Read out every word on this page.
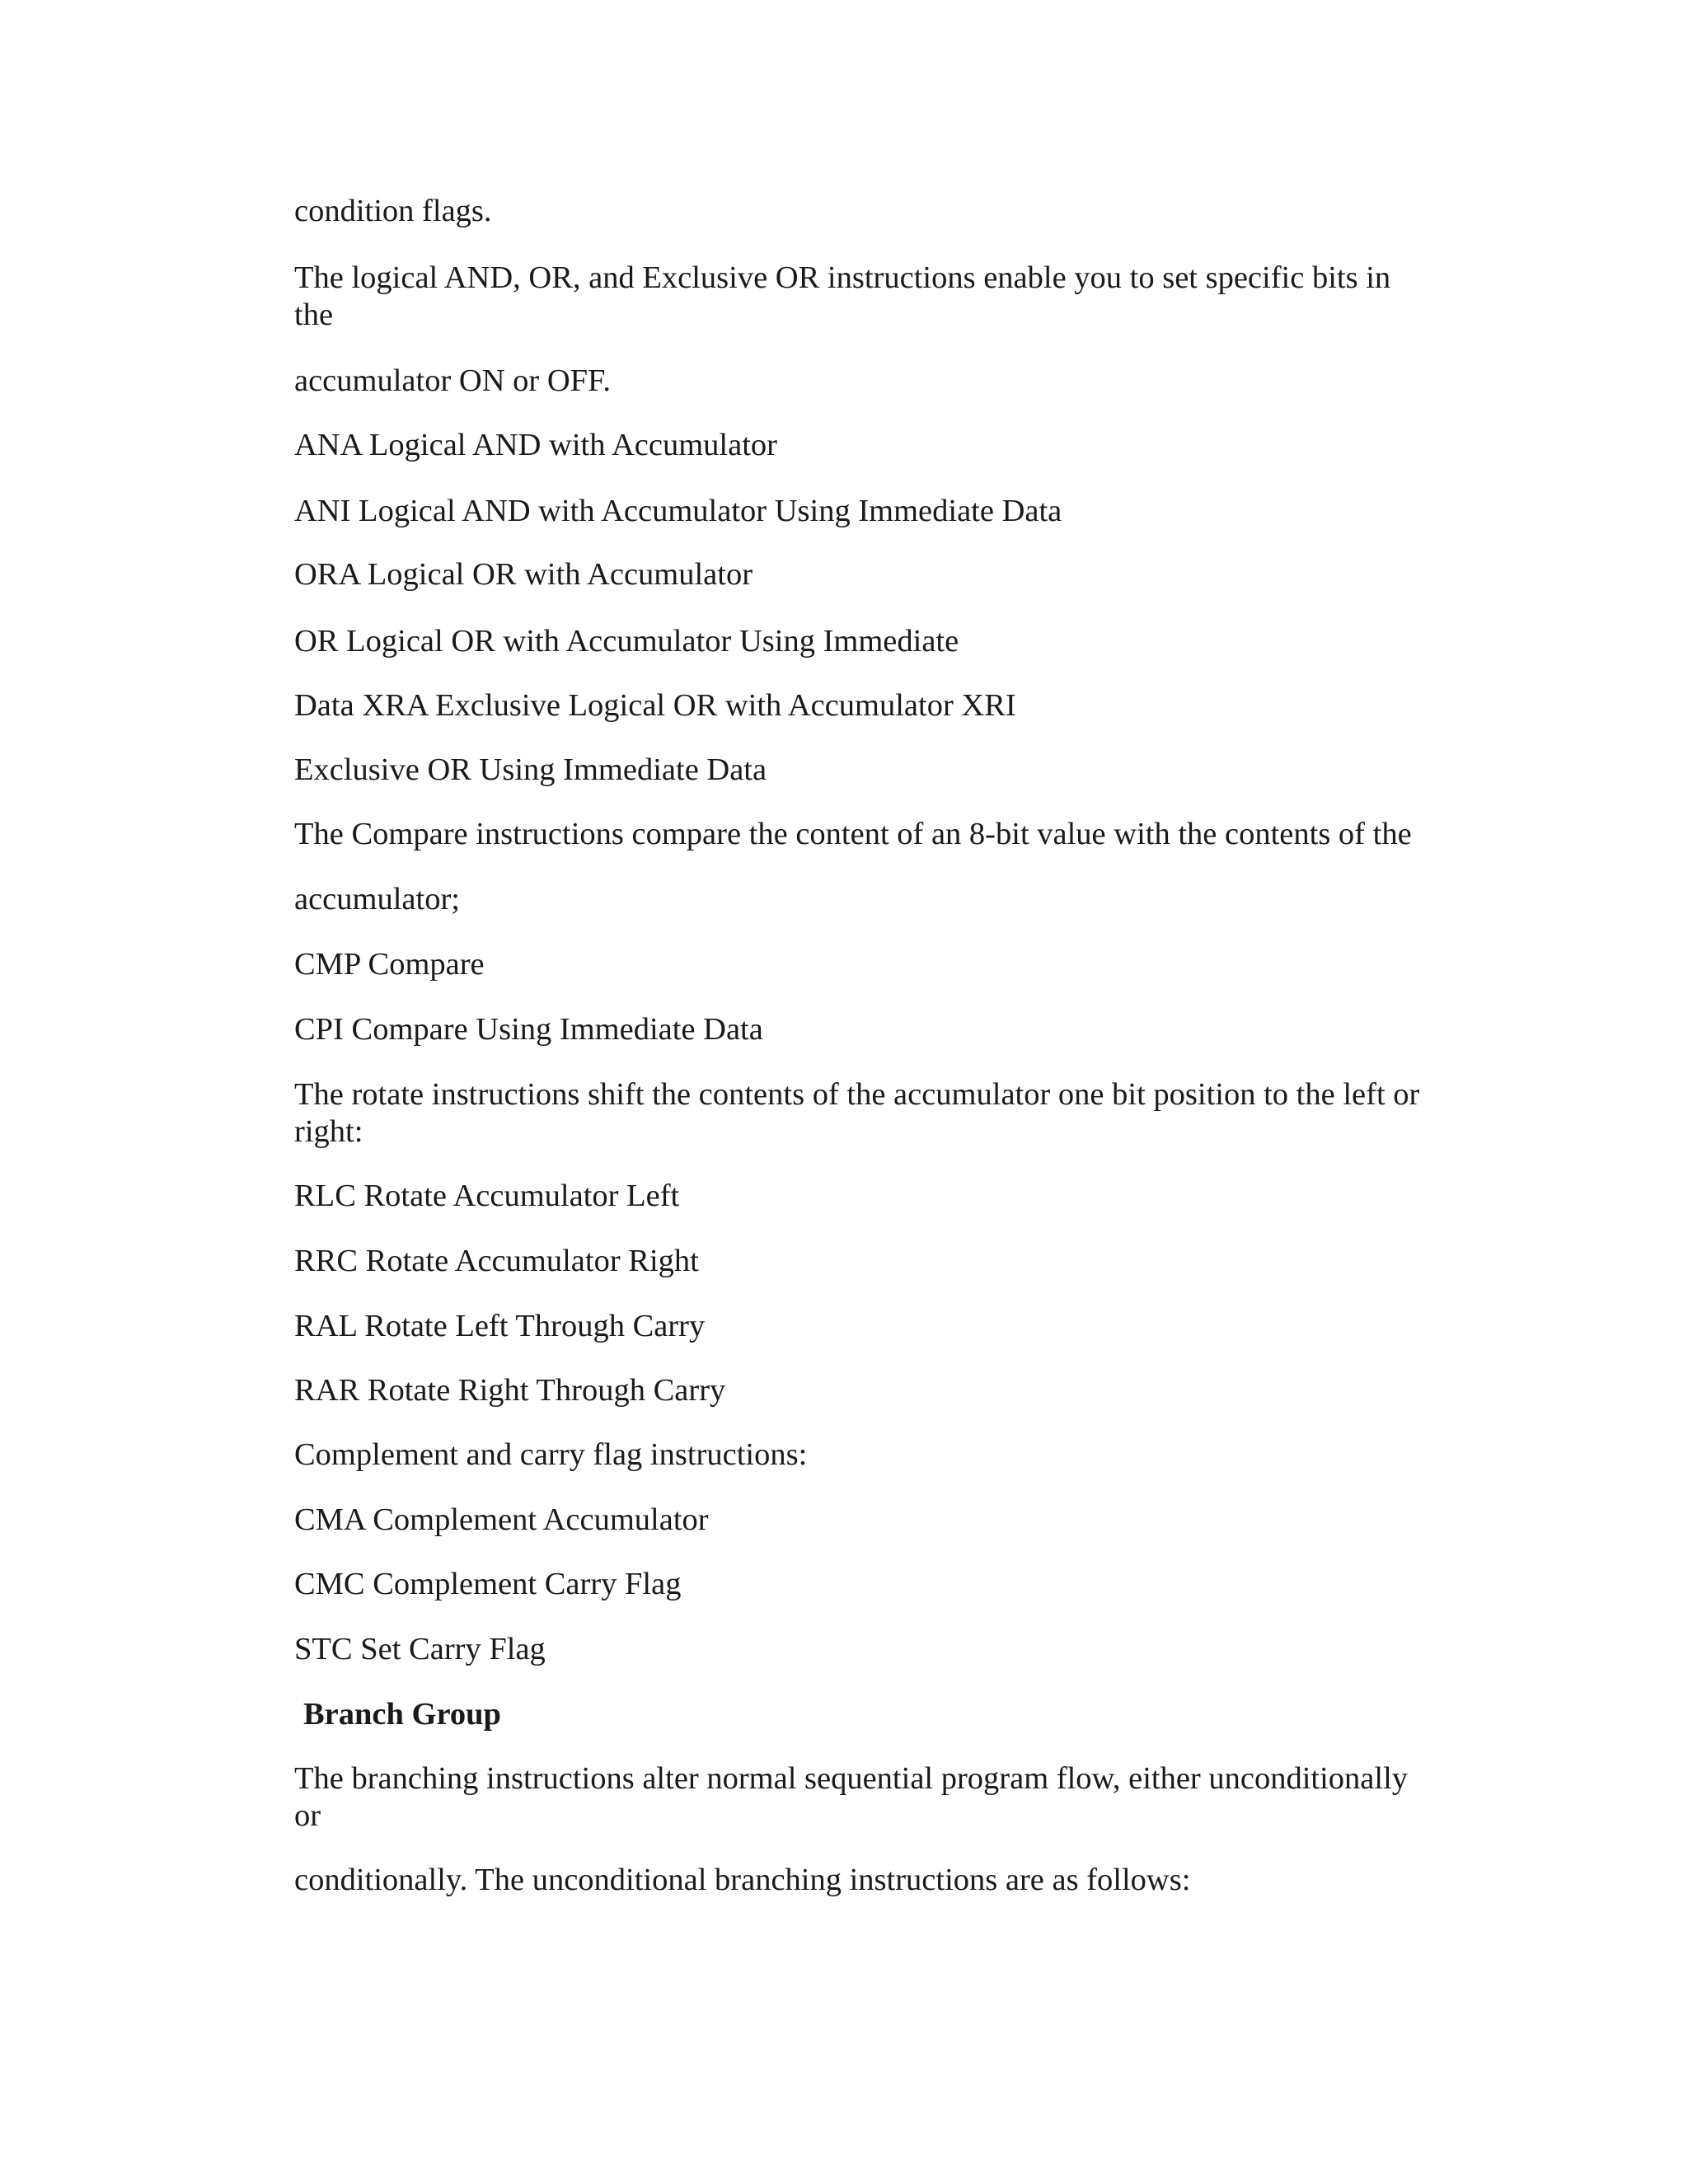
condition flags.
The logical AND, OR, and Exclusive OR instructions enable you to set specific bits in
the
accumulator ON or OFF.
ANA Logical AND with Accumulator
ANI Logical AND with Accumulator Using Immediate Data
ORA Logical OR with Accumulator
OR Logical OR with Accumulator Using Immediate
Data XRA Exclusive Logical OR with Accumulator XRI
Exclusive OR Using Immediate Data
The Compare instructions compare the content of an 8-bit value with the contents of the
accumulator;
CMP Compare
CPI Compare Using Immediate Data
The rotate instructions shift the contents of the accumulator one bit position to the left or
right:
RLC Rotate Accumulator Left
RRC Rotate Accumulator Right
RAL Rotate Left Through Carry
RAR Rotate Right Through Carry
Complement and carry flag instructions:
CMA Complement Accumulator
CMC Complement Carry Flag
STC Set Carry Flag
Branch Group
The branching instructions alter normal sequential program flow, either unconditionally
or
conditionally. The unconditional branching instructions are as follows:
